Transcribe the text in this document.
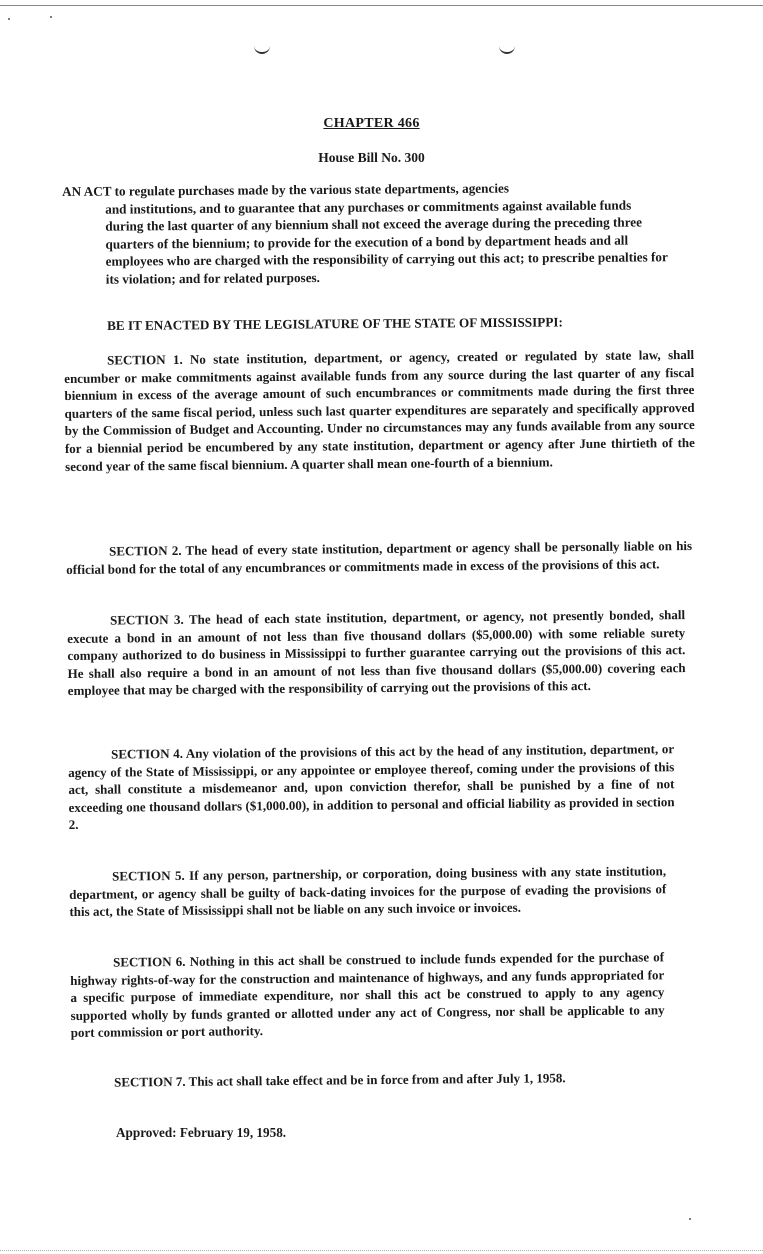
CHAPTER 466
House Bill No. 300
AN ACT to regulate purchases made by the various state departments, agencies
and institutions, and to guarantee that any purchases or commitments against available funds during the last quarter of any biennium shall not exceed the average during the preceding three quarters of the biennium; to provide for the execution of a bond by department heads and all employees who are charged with the responsibility of carrying out this act; to prescribe penalties for its violation; and for related purposes.
BE IT ENACTED BY THE LEGISLATURE OF THE STATE OF MISSISSIPPI:
SECTION 1. No state institution, department, or agency, created or regulated by state law, shall encumber or make commitments against available funds from any source during the last quarter of any fiscal biennium in excess of the average amount of such encumbrances or commitments made during the first three quarters of the same fiscal period, unless such last quarter expenditures are separately and specifically approved by the Commission of Budget and Accounting. Under no circumstances may any funds available from any source for a biennial period be encumbered by any state institution, department or agency after June thirtieth of the second year of the same fiscal biennium. A quarter shall mean one-fourth of a biennium.
SECTION 2. The head of every state institution, department or agency shall be personally liable on his official bond for the total of any encumbrances or commitments made in excess of the provisions of this act.
SECTION 3. The head of each state institution, department, or agency, not presently bonded, shall execute a bond in an amount of not less than five thousand dollars ($5,000.00) with some reliable surety company authorized to do business in Mississippi to further guarantee carrying out the provisions of this act. He shall also require a bond in an amount of not less than five thousand dollars ($5,000.00) covering each employee that may be charged with the responsibility of carrying out the provisions of this act.
SECTION 4. Any violation of the provisions of this act by the head of any institution, department, or agency of the State of Mississippi, or any appointee or employee thereof, coming under the provisions of this act, shall constitute a misdemeanor and, upon conviction therefor, shall be punished by a fine of not exceeding one thousand dollars ($1,000.00), in addition to personal and official liability as provided in section 2.
SECTION 5. If any person, partnership, or corporation, doing business with any state institution, department, or agency shall be guilty of back-dating invoices for the purpose of evading the provisions of this act, the State of Mississippi shall not be liable on any such invoice or invoices.
SECTION 6. Nothing in this act shall be construed to include funds expended for the purchase of highway rights-of-way for the construction and maintenance of highways, and any funds appropriated for a specific purpose of immediate expenditure, nor shall this act be construed to apply to any agency supported wholly by funds granted or allotted under any act of Congress, nor shall be applicable to any port commission or port authority.
SECTION 7. This act shall take effect and be in force from and after July 1, 1958.
Approved: February 19, 1958.
